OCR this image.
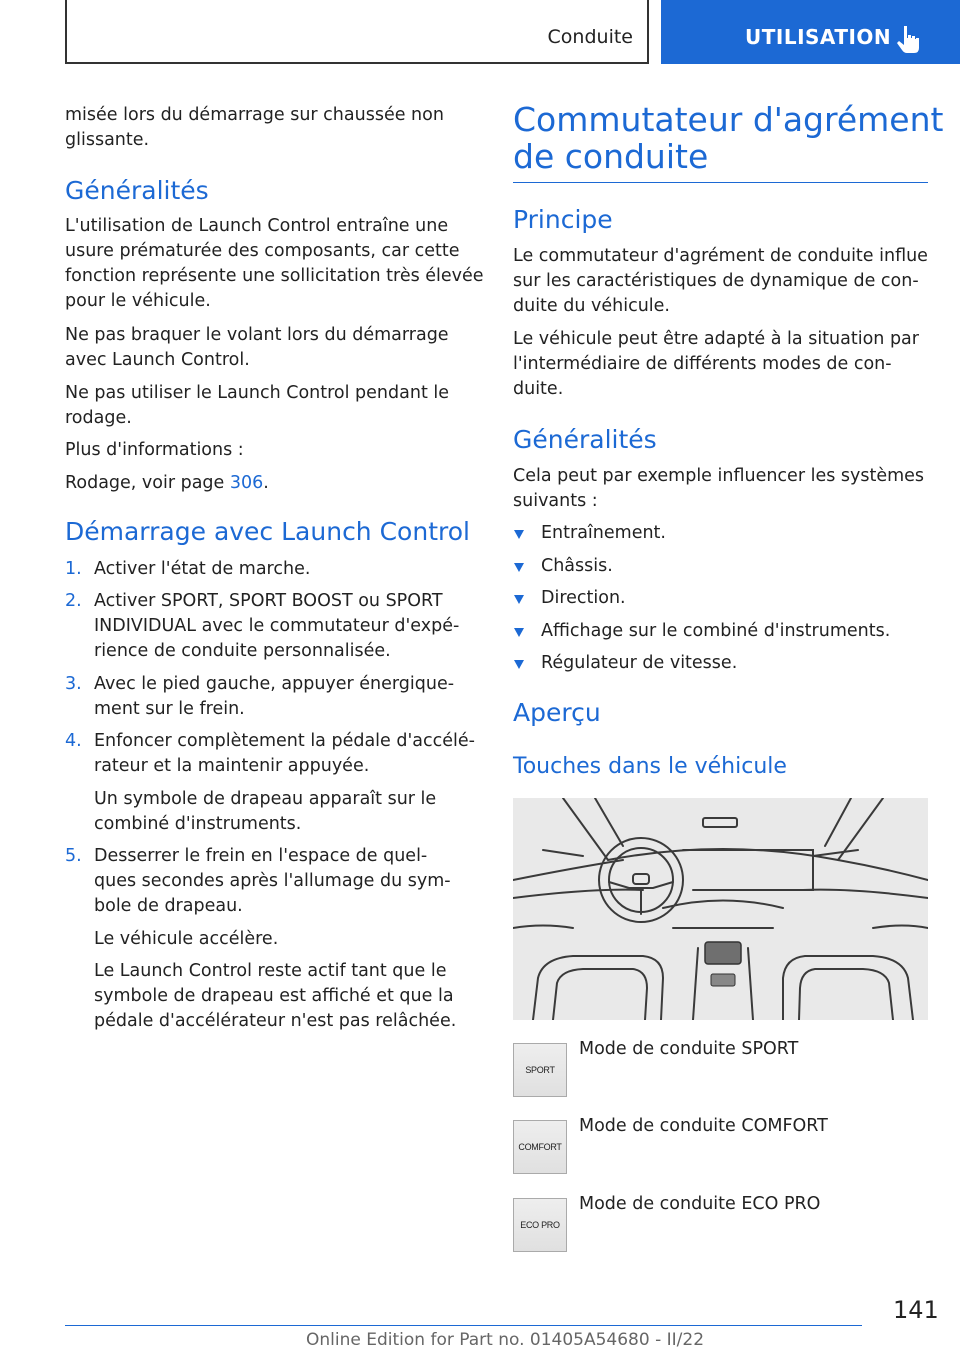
Conduite	UTILISATION
misée lors du démarrage sur chaussée non
glissante.
Généralités
L'utilisation de Launch Control entraîne une
usure prématurée des composants, car cette
fonction représente une sollicitation très élevée
pour le véhicule.
Ne pas braquer le volant lors du démarrage
avec Launch Control.
Ne pas utiliser le Launch Control pendant le
rodage.
Plus d'informations :
Rodage, voir page 306.
Démarrage avec Launch Control
1. Activer l'état de marche.
2. Activer SPORT, SPORT BOOST ou SPORT
INDIVIDUAL avec le commutateur d'expé‐
rience de conduite personnalisée.
3. Avec le pied gauche, appuyer énergique‐
ment sur le frein.
4. Enfoncer complètement la pédale d'accélé‐
rateur et la maintenir appuyée.
Un symbole de drapeau apparaît sur le
combiné d'instruments.
5. Desserrer le frein en l'espace de quel‐
ques secondes après l'allumage du sym‐
bole de drapeau.
Le véhicule accélère.
Le Launch Control reste actif tant que le
symbole de drapeau est affiché et que la
pédale d'accélérateur n'est pas relâchée.
Commutateur d'agrément
de conduite
Principe
Le commutateur d'agrément de conduite influe
sur les caractéristiques de dynamique de con‐
duite du véhicule.
Le véhicule peut être adapté à la situation par
l'intermédiaire de différents modes de con‐
duite.
Généralités
Cela peut par exemple influencer les systèmes
suivants :
Entraînement.
Châssis.
Direction.
Affichage sur le combiné d'instruments.
Régulateur de vitesse.
Aperçu
Touches dans le véhicule
SPORT
Mode de conduite SPORT
COMFORT
Mode de conduite COMFORT
ECO PRO
Mode de conduite ECO PRO
141
Online Edition for Part no. 01405A54680 - II/22
